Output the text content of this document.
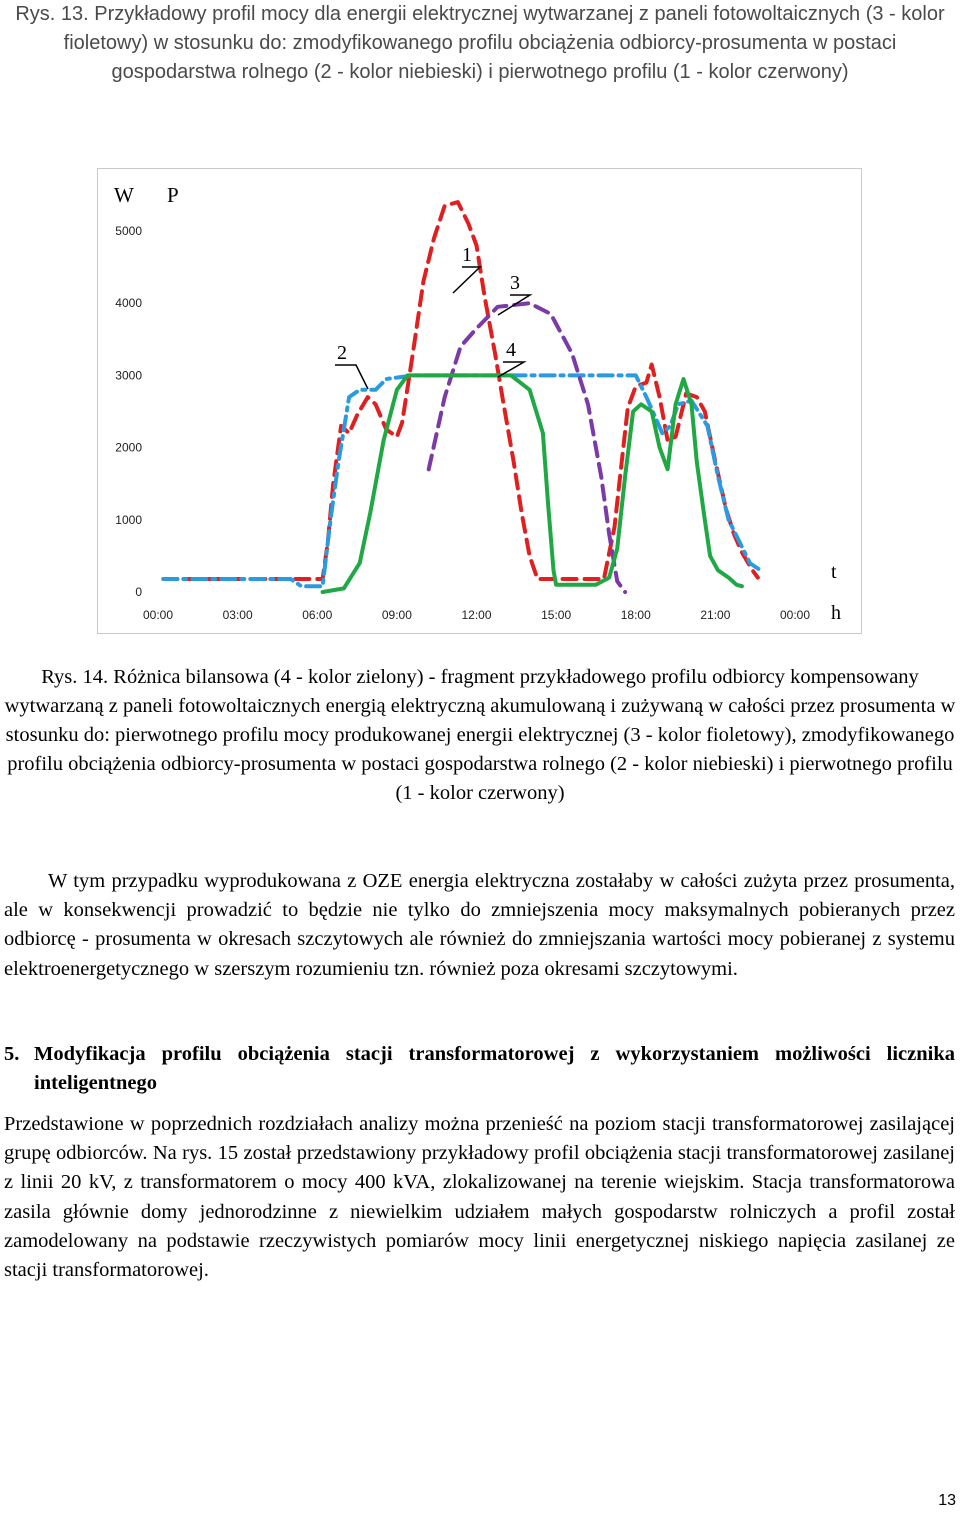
Rys. 13. Przykładowy profil mocy dla energii elektrycznej wytwarzanej z paneli fotowoltaicznych (3 - kolor fioletowy) w stosunku do: zmodyfikowanego profilu obciążenia odbiorcy-prosumenta w postaci gospodarstwa rolnego (2 - kolor niebieski) i pierwotnego profilu (1 - kolor czerwony)
0
1000
2000
3000
4000
5000
00:00	03:00	06:00	09:00	12:00	15:00	18:00	21:00	00:00
W P
t
h
1
2
3
4
Rys. 14. Różnica bilansowa (4 - kolor zielony) - fragment przykładowego profilu odbiorcy kompensowany wytwarzaną z paneli fotowoltaicznych energią elektryczną akumulowaną i zużywaną w całości przez prosumenta w stosunku do: pierwotnego profilu mocy produkowanej energii elektrycznej (3 - kolor fioletowy), zmodyfikowanego profilu obciążenia odbiorcy-prosumenta w postaci gospodarstwa rolnego (2 - kolor niebieski) i pierwotnego profilu (1 - kolor czerwony)
W tym przypadku wyprodukowana z OZE energia elektryczna zostałaby w całości zużyta przez prosumenta, ale w konsekwencji prowadzić to będzie nie tylko do zmniejszenia mocy maksymalnych pobieranych przez odbiorcę - prosumenta w okresach szczytowych ale również do zmniejszania wartości mocy pobieranej z systemu elektroenergetycznego w szerszym rozumieniu tzn. również poza okresami szczytowymi.
5. Modyfikacja profilu obciążenia stacji transformatorowej z wykorzystaniem możliwości licznika inteligentnego
Przedstawione w poprzednich rozdziałach analizy można przenieść na poziom stacji transformatorowej zasilającej grupę odbiorców. Na rys. 15 został przedstawiony przykładowy profil obciążenia stacji transformatorowej zasilanej z linii 20 kV, z transformatorem o mocy 400 kVA, zlokalizowanej na terenie wiejskim. Stacja transformatorowa zasila głównie domy jednorodzinne z niewielkim udziałem małych gospodarstw rolniczych a profil został zamodelowany na podstawie rzeczywistych pomiarów mocy linii energetycznej niskiego napięcia zasilanej ze stacji transformatorowej.
13
